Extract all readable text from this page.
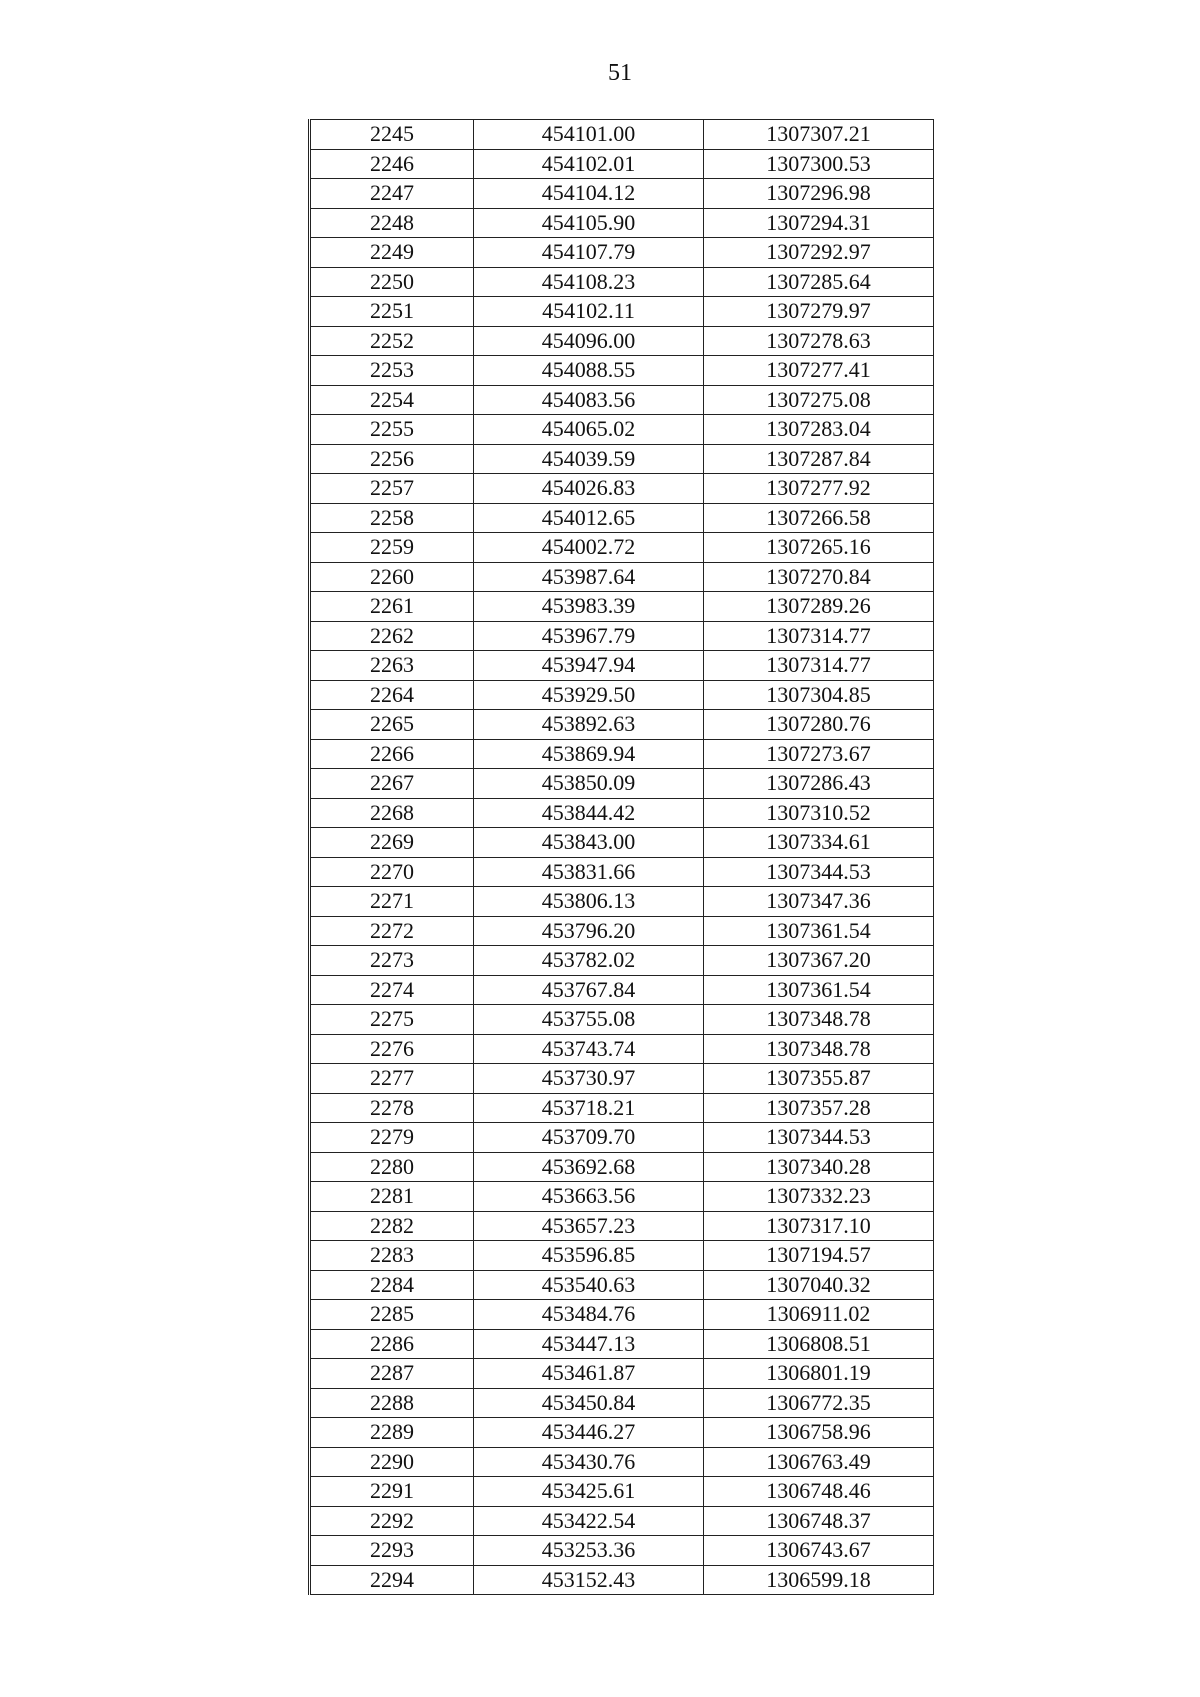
51
2245	454101.00	1307307.21
2246	454102.01	1307300.53
2247	454104.12	1307296.98
2248	454105.90	1307294.31
2249	454107.79	1307292.97
2250	454108.23	1307285.64
2251	454102.11	1307279.97
2252	454096.00	1307278.63
2253	454088.55	1307277.41
2254	454083.56	1307275.08
2255	454065.02	1307283.04
2256	454039.59	1307287.84
2257	454026.83	1307277.92
2258	454012.65	1307266.58
2259	454002.72	1307265.16
2260	453987.64	1307270.84
2261	453983.39	1307289.26
2262	453967.79	1307314.77
2263	453947.94	1307314.77
2264	453929.50	1307304.85
2265	453892.63	1307280.76
2266	453869.94	1307273.67
2267	453850.09	1307286.43
2268	453844.42	1307310.52
2269	453843.00	1307334.61
2270	453831.66	1307344.53
2271	453806.13	1307347.36
2272	453796.20	1307361.54
2273	453782.02	1307367.20
2274	453767.84	1307361.54
2275	453755.08	1307348.78
2276	453743.74	1307348.78
2277	453730.97	1307355.87
2278	453718.21	1307357.28
2279	453709.70	1307344.53
2280	453692.68	1307340.28
2281	453663.56	1307332.23
2282	453657.23	1307317.10
2283	453596.85	1307194.57
2284	453540.63	1307040.32
2285	453484.76	1306911.02
2286	453447.13	1306808.51
2287	453461.87	1306801.19
2288	453450.84	1306772.35
2289	453446.27	1306758.96
2290	453430.76	1306763.49
2291	453425.61	1306748.46
2292	453422.54	1306748.37
2293	453253.36	1306743.67
2294	453152.43	1306599.18
